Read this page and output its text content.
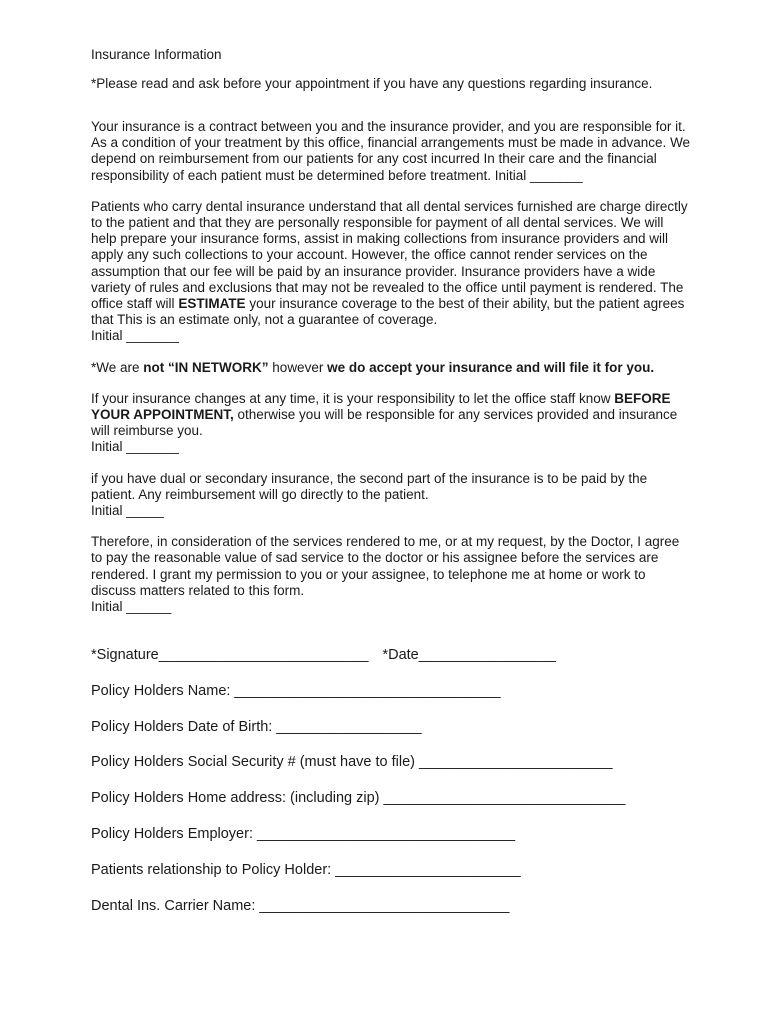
Insurance Information

*Please read and ask before your appointment if you have any questions regarding insurance.

Your insurance is a contract between you and the insurance provider, and you are responsible for it. As a condition of your treatment by this office, financial arrangements must be made in advance. We depend on reimbursement from our patients for any cost incurred In their care and the financial responsibility of each patient must be determined before treatment. Initial _______

Patients who carry dental insurance understand that all dental services furnished are charge directly to the patient and that they are personally responsible for payment of all dental services. We will help prepare your insurance forms, assist in making collections from insurance providers and will apply any such collections to your account. However, the office cannot render services on the assumption that our fee will be paid by an insurance provider. Insurance providers have a wide variety of rules and exclusions that may not be revealed to the office until payment is rendered. The office staff will ESTIMATE your insurance coverage to the best of their ability, but the patient agrees that This is an estimate only, not a guarantee of coverage.
Initial _______

*We are not “IN NETWORK” however we do accept your insurance and will file it for you.

If your insurance changes at any time, it is your responsibility to let the office staff know BEFORE YOUR APPOINTMENT, otherwise you will be responsible for any services provided and insurance will reimburse you.
Initial _______

if you have dual or secondary insurance, the second part of the insurance is to be paid by the patient. Any reimbursement will go directly to the patient.
Initial _____

Therefore, in consideration of the services rendered to me, or at my request, by the Doctor, I agree to pay the reasonable value of sad service to the doctor or his assignee before the services are rendered. I grant my permission to you or your assignee, to telephone me at home or work to discuss matters related to this form.
Initial ______

*Signature__________________________ *Date_________________

Policy Holders Name: _________________________________

Policy Holders Date of Birth: __________________

Policy Holders Social Security # (must have to file) ________________________

Policy Holders Home address: (including zip) ______________________________

Policy Holders Employer: ________________________________

Patients relationship to Policy Holder: _______________________

Dental Ins. Carrier Name: _______________________________
